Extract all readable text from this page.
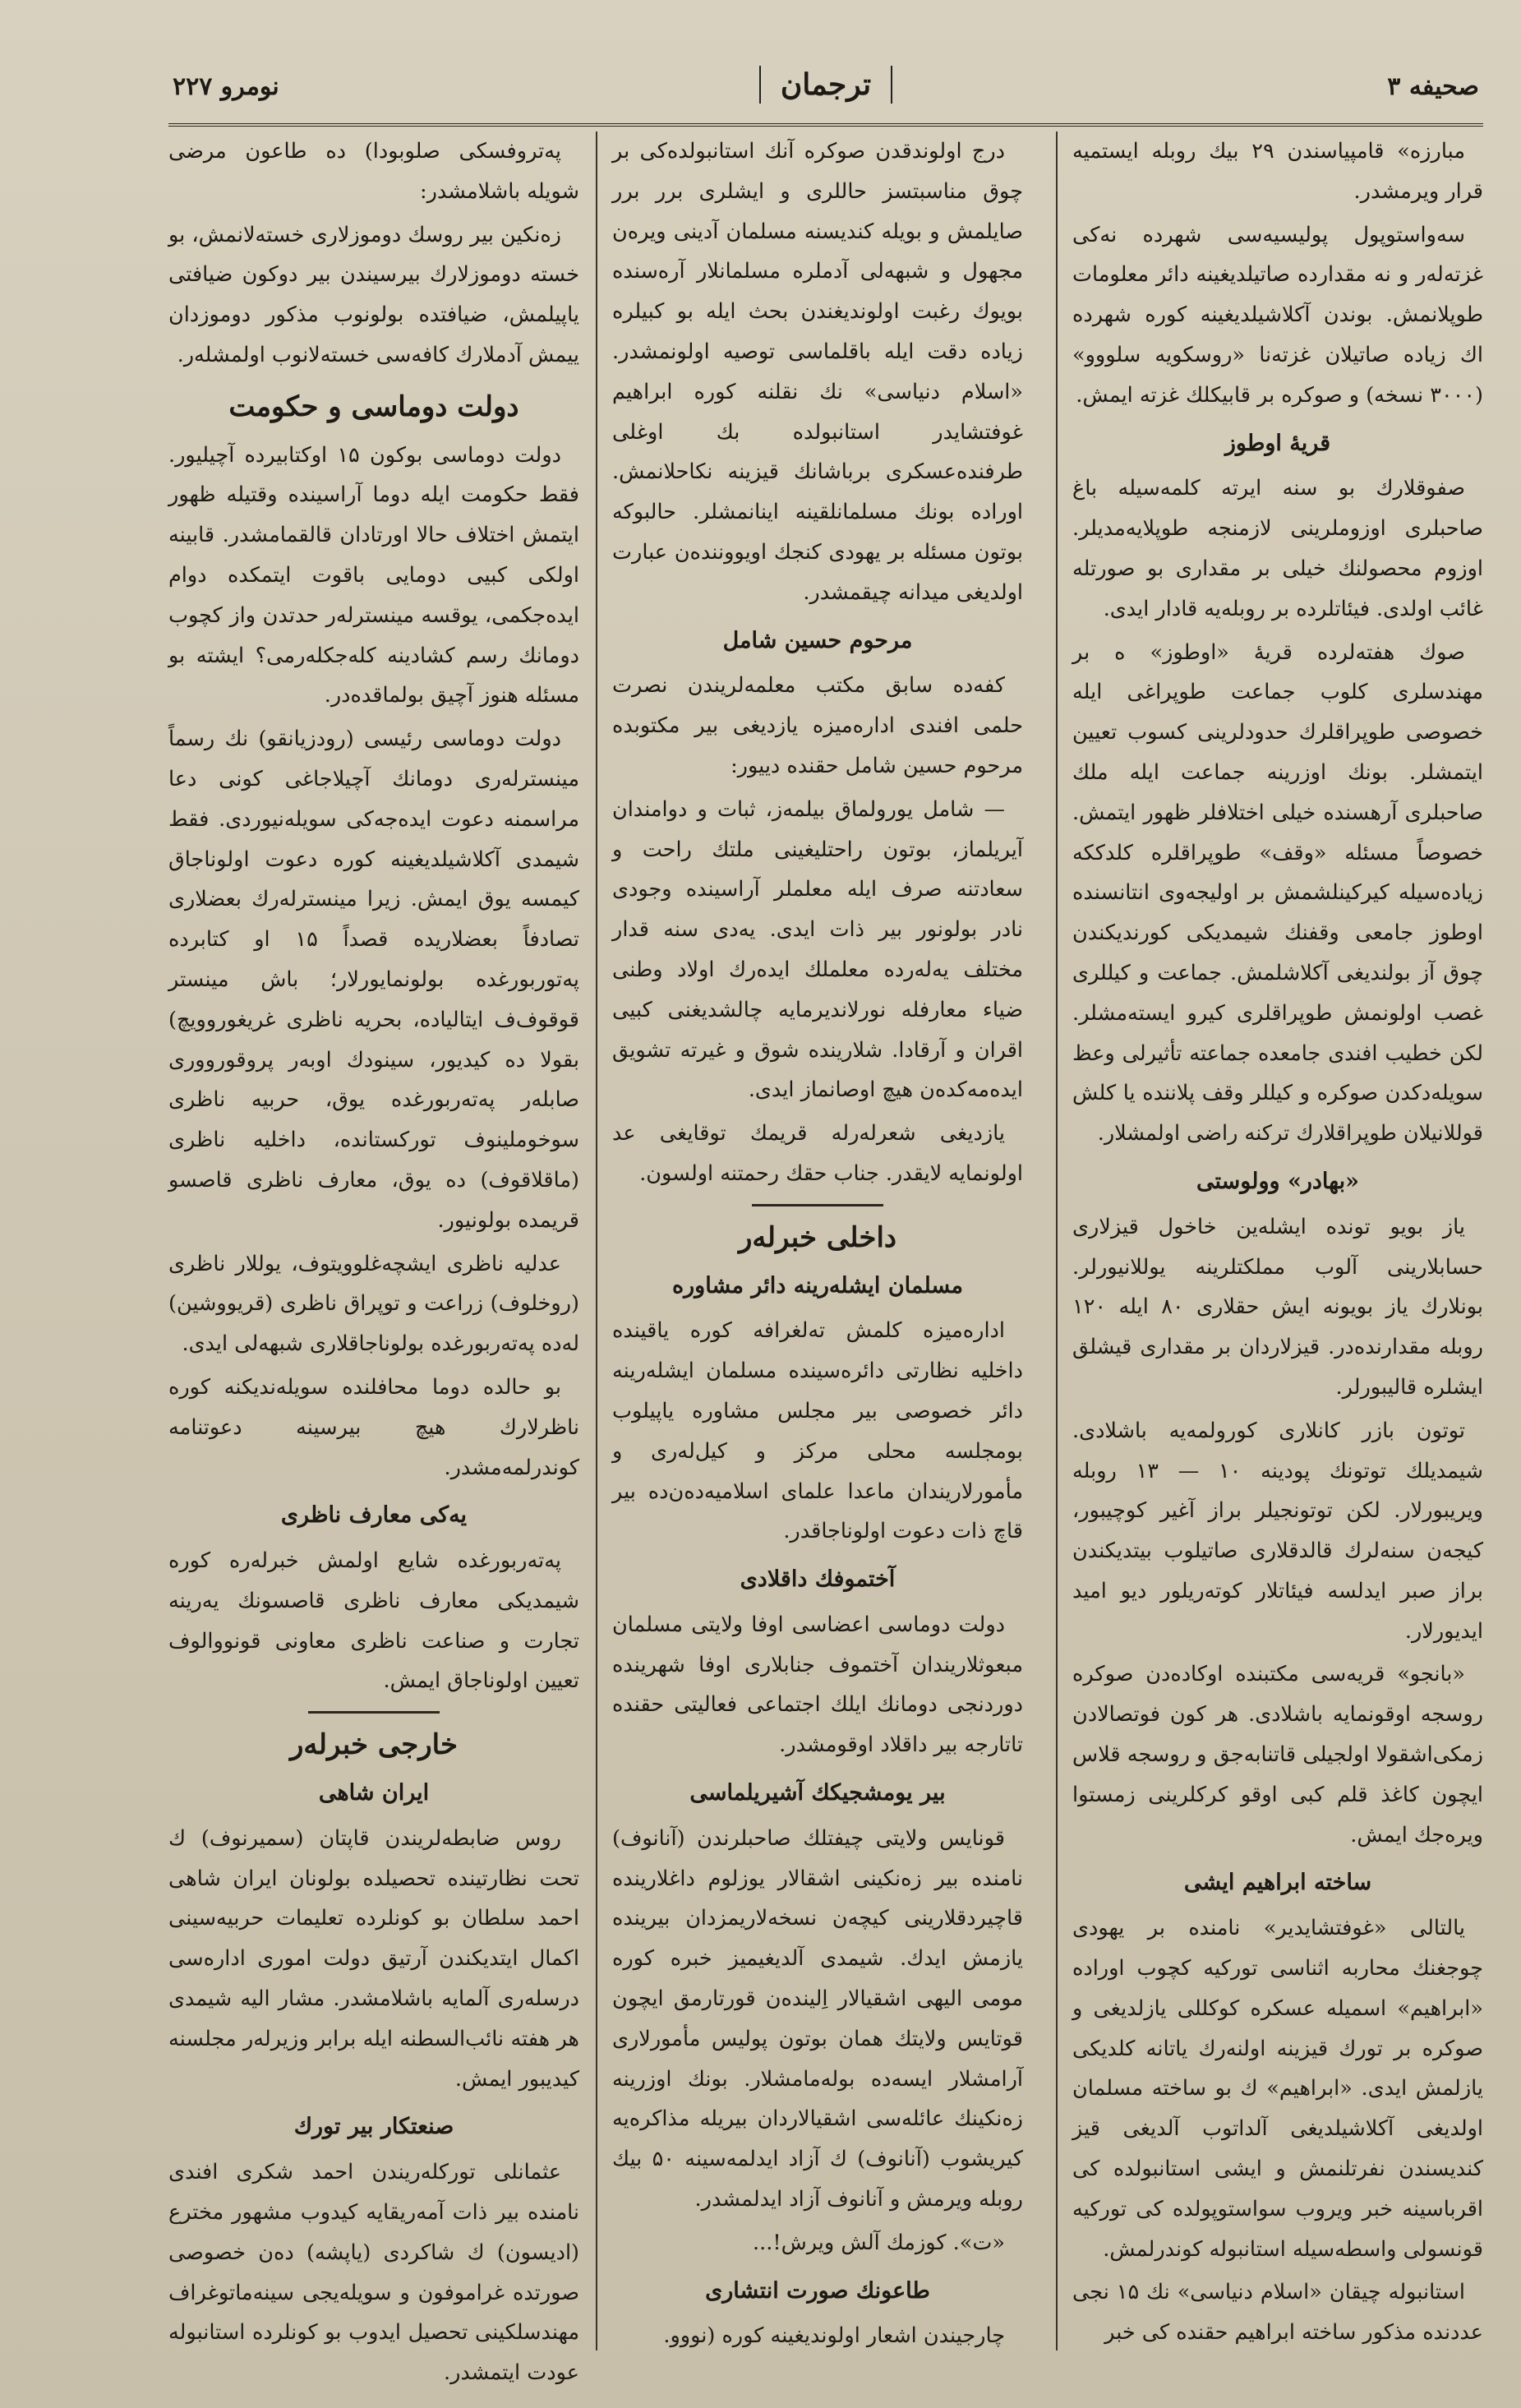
صحیفه ۳
ترجمان
نومرو ۲۲۷

مبارزه» قامپیاسندن ۲۹ بیك روبله ایستمیه قرار ویرمشدر.

سه‌واستوپول پولیسیەسی شهرده نه‌کی غزته‌لەر و نه مقدارده صاتیلدیغینه دائر معلومات طوپلانمش. بوندن آکلاشیلدیغینه کوره شهرده اك زیاده صاتیلان غزته‌نا «روسکویه سلووو» (۳۰۰۰ نسخه) و صوکره بر قابیکلك غزته ایمش.

قریهٔ اوطوز

صفوقلارك بو سنه ایرته کلمه‌سیله باغ صاحبلری اوزوملرینی لازمنجه طوپلایه‌مدیلر. اوزوم محصولنك خیلی بر مقداری بو صورتله غائب اولدی. فیئاتلرده بر روبله‌یه قادار ایدی.

صوك هفته‌لرده قریهٔ «اوطوز» ه بر مهندسلری کلوب جماعت طوپراغی ایله خصوصی طوپراقلرك حدودلرینی کسوب تعیین ایتمشلر. بونك اوزرینه جماعت ایله ملك صاحبلری آرهسنده خیلی اختلافلر ظهور ایتمش. خصوصاً مسئله «وقف» طوپراقلره کلدککه زیاده‌سیله کیرکینلشمش بر اولیجه‌وی انتانسنده اوطوز جامعی وقفنك شیمدیکی کورندیکندن چوق آز بولندیغی آکلاشلمش. جماعت و کیللری غصب اولونمش طوپراقلری کیرو ایسته‌مشلر. لکن خطیب افندی جامعده جماعته تأثیرلی وعظ سویلەدکدن صوکره و کیللر وقف پلاننده یا کلش قوللانیلان طوپراقلارك ترکنه راضی اولمشلار.

«بهادر» وولوستی

یاز بویو تونده ایشله‌ین خاخول قیزلاری حسابلارینی آلوب مملکتلرینه یوللانیورلر. بونلارك یاز بویونه ایش حقلاری ۸۰ ایله ۱۲۰ روبله مقدارنده‌در. قیزلاردان بر مقداری قیشلق ایشلره قالیبورلر.

توتون بازر کانلاری کورولمه‌یه باشلادی. شیمدیلك توتونك پودینه ۱۰ — ۱۳ روبله ویریبورلار. لکن توتونجیلر براز آغیر کوچیبور، کیجه‌ن سنه‌لرك قالدقلاری صاتیلوب بیتدیکندن براز صبر ایدلسه فیئاتلار کوتەریلور دیو امید ایدیورلار.

«بانجو» قریه‌سی مکتبنده اوکاده‌دن صوکره روسجه اوقونمایه باشلادی. هر کون فوتصالادن زمکی‌اشقولا اولجیلی قاتنابه‌جق و روسجه قلاس ایچون کاغذ قلم کبی اوقو کرکلرینی زمستوا ویرەجك ایمش.

ساخته ابراهیم ایشی

یالتالی «غوفتشایدیر» نامنده بر یهودی چوجغنك محاربه اثناسی تورکیه کچوب اوراده «ابراهیم» اسمیله عسکره کوکللی یازلدیغی و صوکره بر تورك قیزینه اولنەرك یاتانه کلدیکی یازلمش ایدی. «ابراهیم» ك بو ساخته مسلمان اولدیغی آکلاشیلدیغی آلداتوب آلدیغی قیز کندیسندن نفرتلنمش و ایشی استانبولده کی اقرباسینه خبر ویروب سواستوپولده کی تورکیه قونسولی واسطه‌سیله استانبوله کوندرلمش.

استانبوله چیقان «اسلام دنیاسی» نك ۱۵ نجی عددنده مذکور ساخته ابراهیم حقنده کی خبر

درج اولوندقدن صوکره آنك استانبولده‌کی بر چوق مناسبتسز حاللری و ایشلری برر برر صایلمش و بویله کندیسنه مسلمان آدینی ویرەن مجهول و شبهه‌لی آدملره مسلمانلار آرەسنده بویوك رغبت اولوندیغندن بحث ایله بو کبیلره زیاده دقت ایله باقلماسی توصیه اولونمشدر. «اسلام دنیاسی» نك نقلنه کوره ابراهیم غوفتشایدر استانبولده بك اوغلی طرفنده‌عسکری برباشانك قیزینه نکاحلانمش. اوراده بونك مسلمانلقینه اینانمشلر. حالبوکه بوتون مسئله بر یهودی کنجك اویووننده‌ن عبارت اولدیغی میدانه چیقمشدر.

مرحوم حسین شامل

کفه‌ده سابق مکتب معلمه‌لریندن نصرت حلمی افندی ادارەمیزه یازدیغی بیر مکتوبده مرحوم حسین شامل حقنده دییور:

— شامل یورولماق بیلمەز، ثبات و دوامندان آیریلماز، بوتون راحتلیغینی ملتك راحت و سعادتنه صرف ایله معلملر آراسینده وجودی نادر بولونور بیر ذات ایدی. یەدی سنه قدار مختلف یەلەرده معلملك ایدەرك اولاد وطنی ضیاء معارفله نورلاندیرمایه چالشدیغنی کبیی اقران و آرقادا. شلاریندە شوق و غیرته تشویق ایدەمەکدەن هیچ اوصانماز ایدی.

یازدیغی شعرلەرلە قریمك توقایغی عد اولونمایه لایقدر. جناب حقك رحمتنه اولسون.

داخلی خبرلەر
مسلمان ایشلەرینه دائر مشاوره

ادارەمیزه کلمش تەلغرافه کوره یاقینده داخلیه نظارتی دائرەسینده مسلمان ایشلەرینه دائر خصوصی بیر مجلس مشاوره یاپیلوب بومجلسه محلی مرکز و کیل‌لەری و مأمورلاریندان ماعدا علمای اسلامیەدەن‌دە بیر قاچ ذات دعوت اولوناجاقدر.

آختموفك داقلادی

دولت دوماسی اعضاسی اوفا ولایتی مسلمان مبعوثلاریندان آختموف جنابلاری اوفا شهرینده دوردنجی دومانك ایلك اجتماعی فعالیتی حقنده تاتارجه بیر داقلاد اوقومشدر.

بیر یومشجیکك آشیریلماسی

قونایس ولایتی چیفتلك صاحبلرندن (آنانوف) نامنده بیر زەنکینی اشقالار یوزلوم داغلاریندە قاچیردقلارینی کیچه‌ن نسخەلاریمزدان بیرینده یازمش ایدك. شیمدی آلدیغیمیز خبره کوره مومی الیهی اشقیالار اِلیندەن قورتارمق ایچون قوتایس ولایتك همان بوتون پولیس مأمورلاری آرامشلار ایسەدە بولەمامشلار. بونك اوزرینه زەنکینك عائله‌سی اشقیالاردان بیریله مذاکرەیه کیریشوب (آنانوف) ك آزاد ایدلمەسینه ۵۰ بیك روبله ویرمش و آنانوف آزاد ایدلمشدر.

«ت». کوزمك آلش ویرش!...

طاعونك صورت انتشاری

چارجیندن اشعار اولوندیغینه کوره (نووو.

پەتروفسکی صلوبودا) ده طاعون مرضی شویله باشلامشدر:

زەنکین بیر روسك دوموزلاری خستەلانمش، بو خسته دوموزلارك بیرسیندن بیر دوکون ضیافتی یاپیلمش، ضیافتده بولونوب مذکور دوموزدان ییمش آدملارك کافەسی خستەلانوب اولمشلەر.

دولت دوماسی و حکومت

دولت دوماسی بوکون ۱۵ اوکتابیرده آچیلیور. فقط حکومت ایله دوما آراسینده وقتیله ظهور ایتمش اختلاف حالا اورتادان قالقمامشدر. قابینه اولکی کبیی دومایی باقوت ایتمکده دوام ایده‌جکمی، یوقسه مینسترلەر حدتدن واز کچوب دومانك رسم کشادینه کله‌جکلەرمی؟ ایشته بو مسئله هنوز آچیق بولماقده‌در.

دولت دوماسی رئیسی (رودزیانقو) نك رسماً مینسترلەری دومانك آچیلاجاغی کونی دعا مراسمنه دعوت ایده‌جه‌کی سویله‌نیوردی. فقط شیمدی آکلاشیلدیغینه کوره دعوت اولوناجاق کیمسه یوق ایمش. زیرا مینسترلەرك بعضلاری تصادفاً بعضلاریده قصداً ۱۵ او کتابرده پەتوربورغده بولونمایورلار؛ باش مینستر قوقوف‌ف ایتالیاده، بحریه ناظری غریغوروویچ) بقولا ده کیدیور، سینودك اوبەر پروقورووری صابلەر پەتەربورغده یوق، حربیه ناظری سوخوملینوف تورکستانده، داخلیه ناظری (ماقلاقوف) ده یوق، معارف ناظری قاصسو قریمده بولونیور.

عدلیه ناظری ایشچەغلوویتوف، یوللار ناظری (روخلوف) زراعت و توپراق ناظری (قریووشین) لەده پەتەربورغده بولوناجاقلاری شبهه‌لی ایدی.

بو حالده دوما محافلنده سویله‌ندیکنه کوره ناظرلارك هیچ بیرسینه دعوتنامه کوندرلمه‌مشدر.

یەکی معارف ناظری

پەتەربورغده شایع اولمش خبرلەره کوره شیمدیکی معارف ناظری قاصسونك یەرینه تجارت و صناعت ناظری معاونی قونووالوف تعیین اولوناجاق ایمش.

خارجی خبرلەر
ایران شاهی

روس ضابطەلریندن قاپتان (سمیرنوف) ك تحت نظارتینده تحصیلده بولونان ایران شاهی احمد سلطان بو کونلرده تعلیمات حربیەسینی اکمال ایتدیکندن آرتیق دولت اموری ادارەسی درسلەری آلمایه باشلامشدر. مشار الیه شیمدی هر هفته نائب‌السطنه ایله برابر وزیرلەر مجلسنه کیدیبور ایمش.

صنعتکار بیر تورك

عثمانلی تورکلەریندن احمد شکری افندی نامنده بیر ذات آمەریقایه کیدوب مشهور مخترع (ادیسون) ك شاکردی (یاپشه) دەن خصوصی صورتده غراموفون و سویلەیجی سینه‌ماتوغراف مهندسلکینی تحصیل ایدوب بو کونلرده استانبوله عودت ایتمشدر.
